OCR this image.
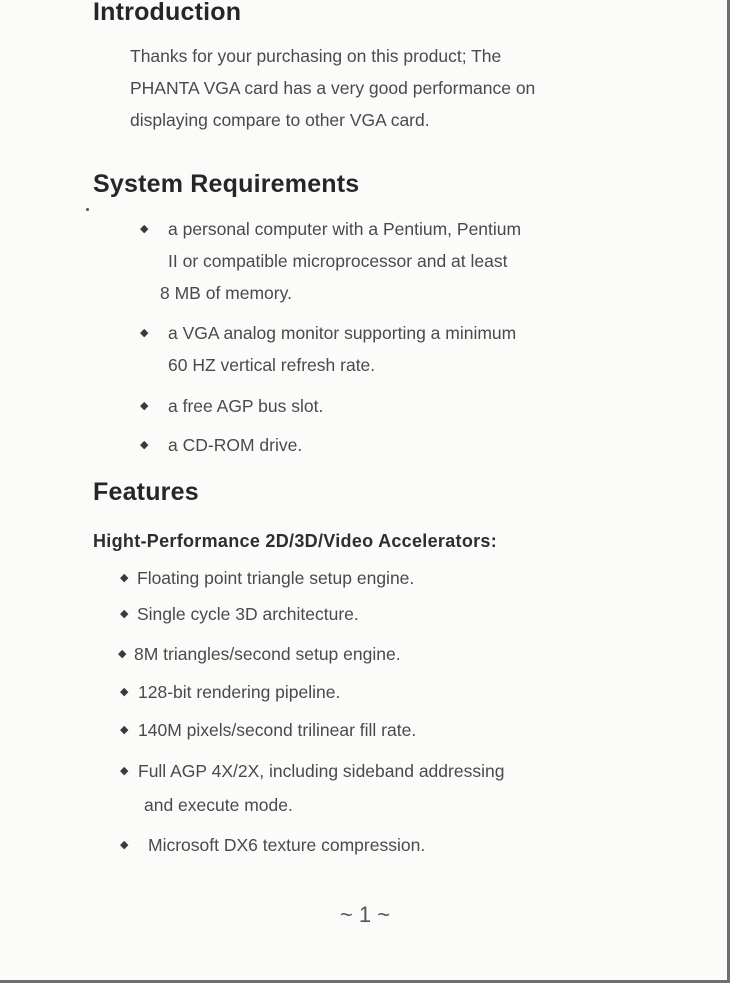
Introduction
Thanks for your purchasing on this product; The
PHANTA VGA card has a very good performance on
displaying compare to other VGA card.
System Requirements
◆ a personal computer with a Pentium, Pentium
II or compatible microprocessor and at least
8 MB of memory.
◆ a VGA analog monitor supporting a minimum
60 HZ vertical refresh rate.
◆ a free AGP bus slot.
◆ a CD-ROM drive.
Features
Hight-Performance 2D/3D/Video Accelerators:
◆ Floating point triangle setup engine.
◆ Single cycle 3D architecture.
◆ 8M triangles/second setup engine.
◆ 128-bit rendering pipeline.
◆ 140M pixels/second trilinear fill rate.
◆ Full AGP 4X/2X, including sideband addressing
and execute mode.
◆ Microsoft DX6 texture compression.
~ 1 ~
